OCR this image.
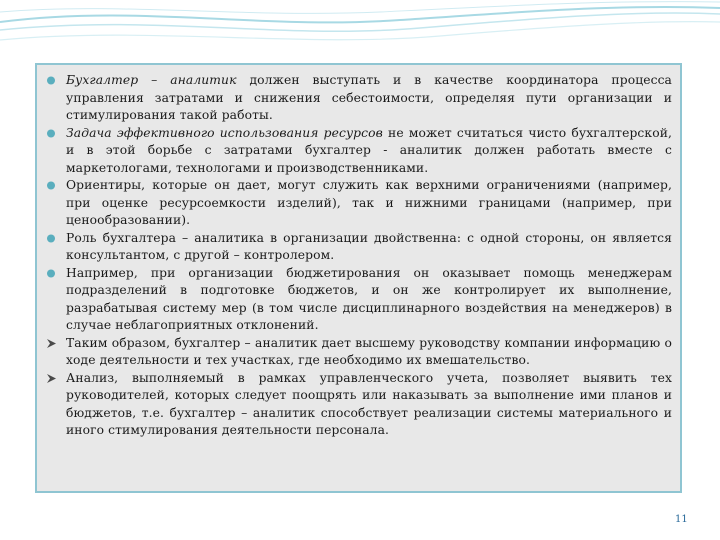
Бухгалтер – аналитик должен выступать и в качестве координатора процесса управления затратами и снижения себестоимости, определяя пути организации и стимулирования такой работы.
Задача эффективного использования ресурсов не может считаться чисто бухгалтерской, и в этой борьбе с затратами бухгалтер - аналитик должен работать вместе с маркетологами, технологами и производственниками.
Ориентиры, которые он дает, могут служить как верхними ограничениями (например, при оценке ресурсоемкости изделий), так и нижними границами (например, при ценообразовании).
Роль бухгалтера – аналитика в организации двойственна: с одной стороны, он является консультантом, с другой – контролером.
Например, при организации бюджетирования он оказывает помощь менеджерам подразделений в подготовке бюджетов, и он же контролирует их выполнение, разрабатывая систему мер (в том числе дисциплинарного воздействия на менеджеров) в случае неблагоприятных отклонений.
Таким образом, бухгалтер – аналитик дает высшему руководству компании информацию о ходе деятельности и тех участках, где необходимо их вмешательство.
Анализ, выполняемый в рамках управленческого учета, позволяет выявить тех руководителей, которых следует поощрять или наказывать за выполнение ими планов и бюджетов, т.е. бухгалтер – аналитик способствует реализации системы материального и иного стимулирования деятельности персонала.
11
